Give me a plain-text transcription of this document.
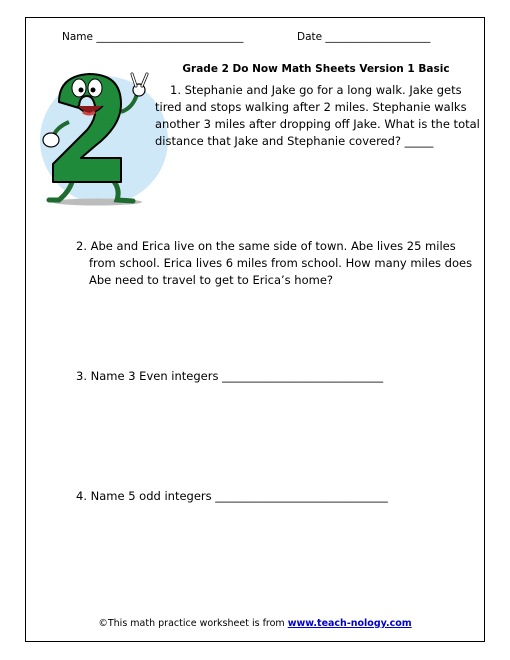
Name ____________________________	Date ____________________
Grade 2 Do Now Math Sheets Version 1 Basic
1. Stephanie and Jake go for a long walk. Jake gets tired and stops walking after 2 miles. Stephanie walks another 3 miles after dropping off Jake. What is the total distance that Jake and Stephanie covered? _____
2. Abe and Erica live on the same side of town. Abe lives 25 miles from school. Erica lives 6 miles from school. How many miles does Abe need to travel to get to Erica’s home?
3. Name 3 Even integers ____________________________
4. Name 5 odd integers ______________________________
©This math practice worksheet is from www.teach-nology.com
